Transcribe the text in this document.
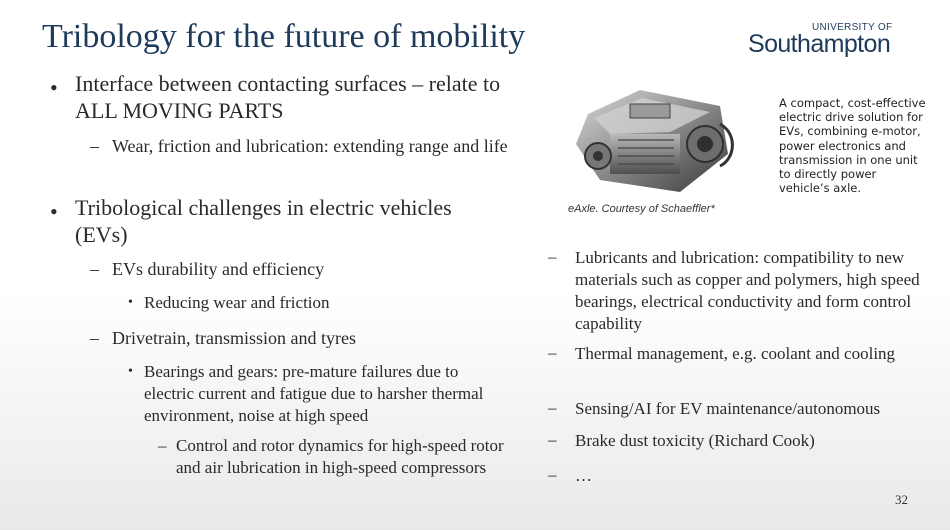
Tribology for the future of mobility	UNIVERSITY OF
Southampton
• Interface between contacting surfaces – relate to ALL MOVING PARTS

– Wear, friction and lubrication: extending range and life

• Tribological challenges in electric vehicles (EVs)

– EVs durability and efficiency

• Reducing wear and friction

– Drivetrain, transmission and tyres

• Bearings and gears: pre-mature failures due to electric current and fatigue due to harsher thermal environment, noise at high speed

– Control and rotor dynamics for high-speed rotor and air lubrication in high-speed compressors

eAxle. Courtesy of Schaeffler*
A compact, cost-effective electric drive solution for EVs, combining e-motor, power electronics and transmission in one unit to directly power vehicle’s axle.
– Lubricants and lubrication: compatibility to new materials such as copper and polymers, high speed bearings, electrical conductivity and form control capability
– Thermal management, e.g. coolant and cooling
– Sensing/AI for EV maintenance/autonomous
– Brake dust toxicity (Richard Cook)
– …
32
